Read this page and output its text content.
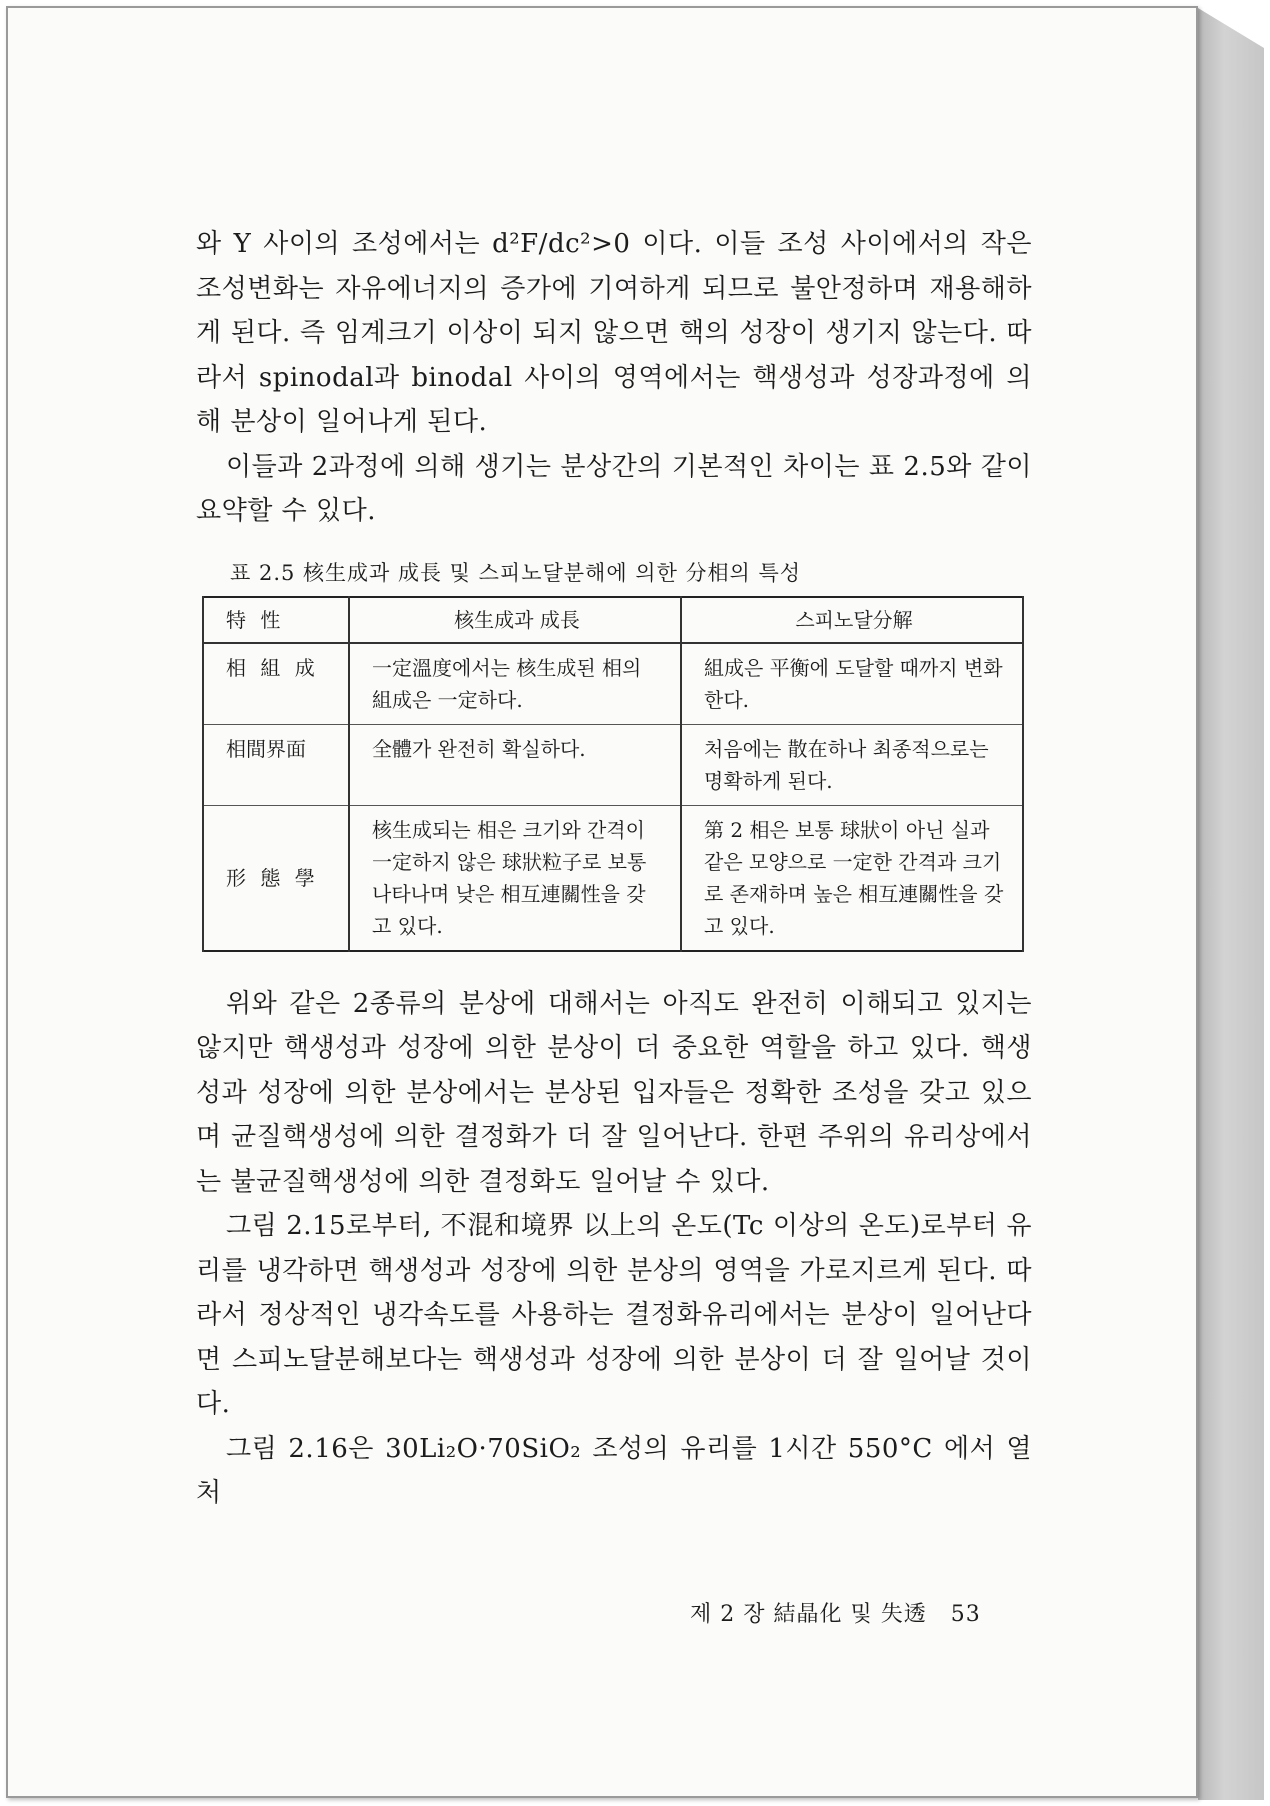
와 Y 사이의 조성에서는 d²F/dc²>0 이다. 이들 조성 사이에서의 작은 조성변화는 자유에너지의 증가에 기여하게 되므로 불안정하며 재용해하게 된다. 즉 임계크기 이상이 되지 않으면 핵의 성장이 생기지 않는다. 따라서 spinodal과 binodal 사이의 영역에서는 핵생성과 성장과정에 의해 분상이 일어나게 된다.

이들과 2과정에 의해 생기는 분상간의 기본적인 차이는 표 2.5와 같이 요약할 수 있다.

표 2.5 核生成과 成長 및 스피노달분해에 의한 分相의 특성
特 性	核生成과 成長	스피노달分解
相 組 成	一定溫度에서는 核生成된 相의 組成은 一定하다.	組成은 平衡에 도달할 때까지 변화한다.
相間界面	全體가 완전히 확실하다.	처음에는 散在하나 최종적으로는 명확하게 된다.
形 態 學	核生成되는 相은 크기와 간격이 一定하지 않은 球狀粒子로 보통 나타나며 낮은 相互連關性을 갖고 있다.	第 2 相은 보통 球狀이 아닌 실과 같은 모양으로 一定한 간격과 크기로 존재하며 높은 相互連關性을 갖고 있다.

위와 같은 2종류의 분상에 대해서는 아직도 완전히 이해되고 있지는 않지만 핵생성과 성장에 의한 분상이 더 중요한 역할을 하고 있다. 핵생성과 성장에 의한 분상에서는 분상된 입자들은 정확한 조성을 갖고 있으며 균질핵생성에 의한 결정화가 더 잘 일어난다. 한편 주위의 유리상에서는 불균질핵생성에 의한 결정화도 일어날 수 있다.

그림 2.15로부터, 不混和境界 以上의 온도(Tc 이상의 온도)로부터 유리를 냉각하면 핵생성과 성장에 의한 분상의 영역을 가로지르게 된다. 따라서 정상적인 냉각속도를 사용하는 결정화유리에서는 분상이 일어난다면 스피노달분해보다는 핵생성과 성장에 의한 분상이 더 잘 일어날 것이다.

그림 2.16은 30Li₂O·70SiO₂ 조성의 유리를 1시간 550°C 에서 열처

제 2 장 結晶化 및 失透 53
